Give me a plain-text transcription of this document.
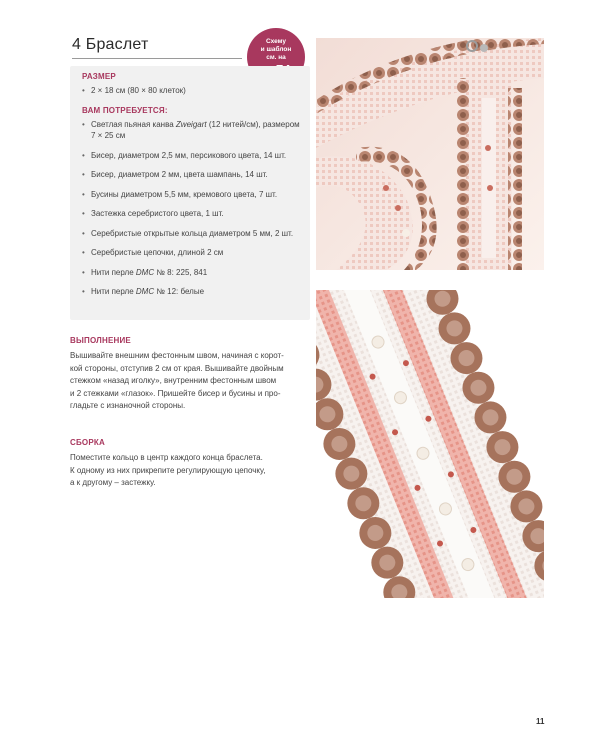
4 Браслет	Схему
и шаблон
см. на
РАЗМЕР
• 2 × 18 см (80 × 80 клеток)
ВАМ ПОТРЕБУЕТСЯ:
• Светлая пьяная канва Zweigart (12 нитей/см), размером 7 × 25 см
• Бисер, диаметром 2,5 мм, персикового цвета, 14 шт.
• Бисер, диаметром 2 мм, цвета шампань, 14 шт.
• Бусины диаметром 5,5 мм, кремового цвета, 7 шт.
• Застежка серебристого цвета, 1 шт.
• Серебристые открытые кольца диаметром 5 мм, 2 шт.
• Серебристые цепочки, длиной 2 см
• Нити перле DMC № 8: 225, 841
• Нити перле DMC № 12: белые
ВЫПОЛНЕНИЕ

Вышивайте внешним фестонным швом, начиная с корот-
кой стороны, отступив 2 см от края. Вышивайте двойным
стежком «назад иголку», внутренним фестонным швом
и 2 стежками «глазок». Пришейте бисер и бусины и про-
гладьте с изнаночной стороны.

СБОРКА

Поместите кольцо в центр каждого конца браслета.
К одному из них прикрепите регулирующую цепочку,
а к другому – застежку.

11
